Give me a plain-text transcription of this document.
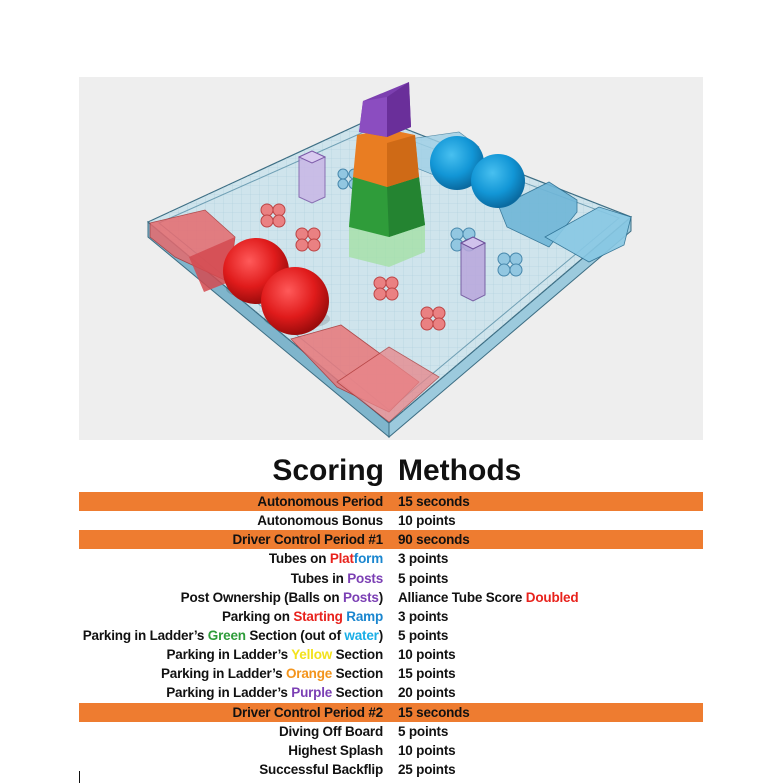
Scoring Methods
Autonomous Period 15 seconds
Autonomous Bonus 10 points
Driver Control Period #1 90 seconds
Tubes on Platform 3 points
Tubes in Posts 5 points
Post Ownership (Balls on Posts) Alliance Tube Score Doubled
Parking on Starting Ramp 3 points
Parking in Ladder’s Green Section (out of water) 5 points
Parking in Ladder’s Yellow Section 10 points
Parking in Ladder’s Orange Section 15 points
Parking in Ladder’s Purple Section 20 points
Driver Control Period #2 15 seconds
Diving Off Board 5 points
Highest Splash 10 points
Successful Backflip 25 points
